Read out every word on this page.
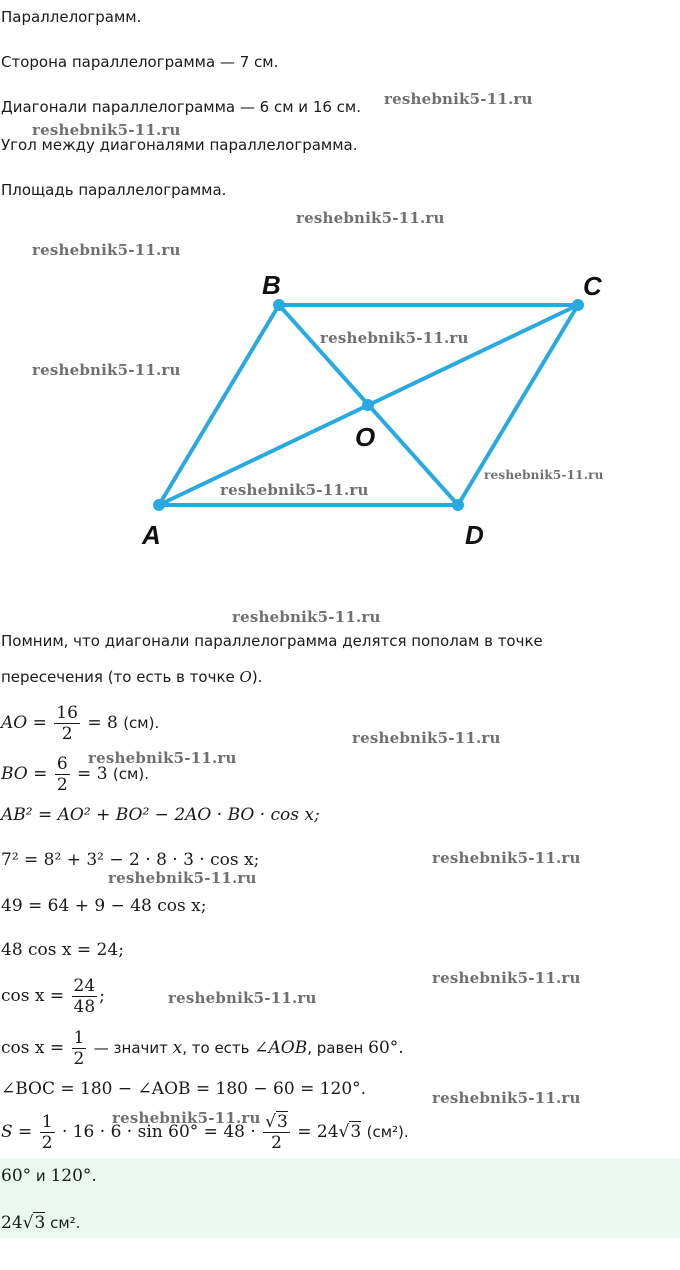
Параллелограмм.
Сторона параллелограмма — 7 см.
Диагонали параллелограмма — 6 см и 16 см.
Угол между диагоналями параллелограмма.
Площадь параллелограмма.
B	C
A	D
O
Помним, что диагонали параллелограмма делятся пополам в точке
пересечения (то есть в точке O).
AO = $\frac{16}{2} = 8$ (см).
BO = $\frac{6}{2} = 3$ (см).
AB² = AO² + BO² − 2AO · BO · cos x;
7² = 8² + 3² − 2 · 8 · 3 · cos x;
49 = 64 + 9 − 48 cos x;
48 cos x = 24;
$\cos x = \frac{24}{48}$ ;
$\cos x = \frac{1}{2}$ — значит x, то есть ∠AOB, равен 60°.
∠BOC = 180 − ∠AOB = 180 − 60 = 120°.
$S = \frac{1}{2} \cdot 16 \cdot 6 \cdot \sin 60^\circ = 48 \cdot \frac{√3}{2} = 24√3$ (см²).
60° и 120°.
24√3 см².
reshebnik5-11.ru
reshebnik5-11.ru
reshebnik5-11.ru
reshebnik5-11.ru
reshebnik5-11.ru
reshebnik5-11.ru
reshebnik5-11.ru
reshebnik5-11.ru
reshebnik5-11.ru
reshebnik5-11.ru
reshebnik5-11.ru
reshebnik5-11.ru
reshebnik5-11.ru
reshebnik5-11.ru
reshebnik5-11.ru
reshebnik5-11.ru
reshebnik5-11.ru
